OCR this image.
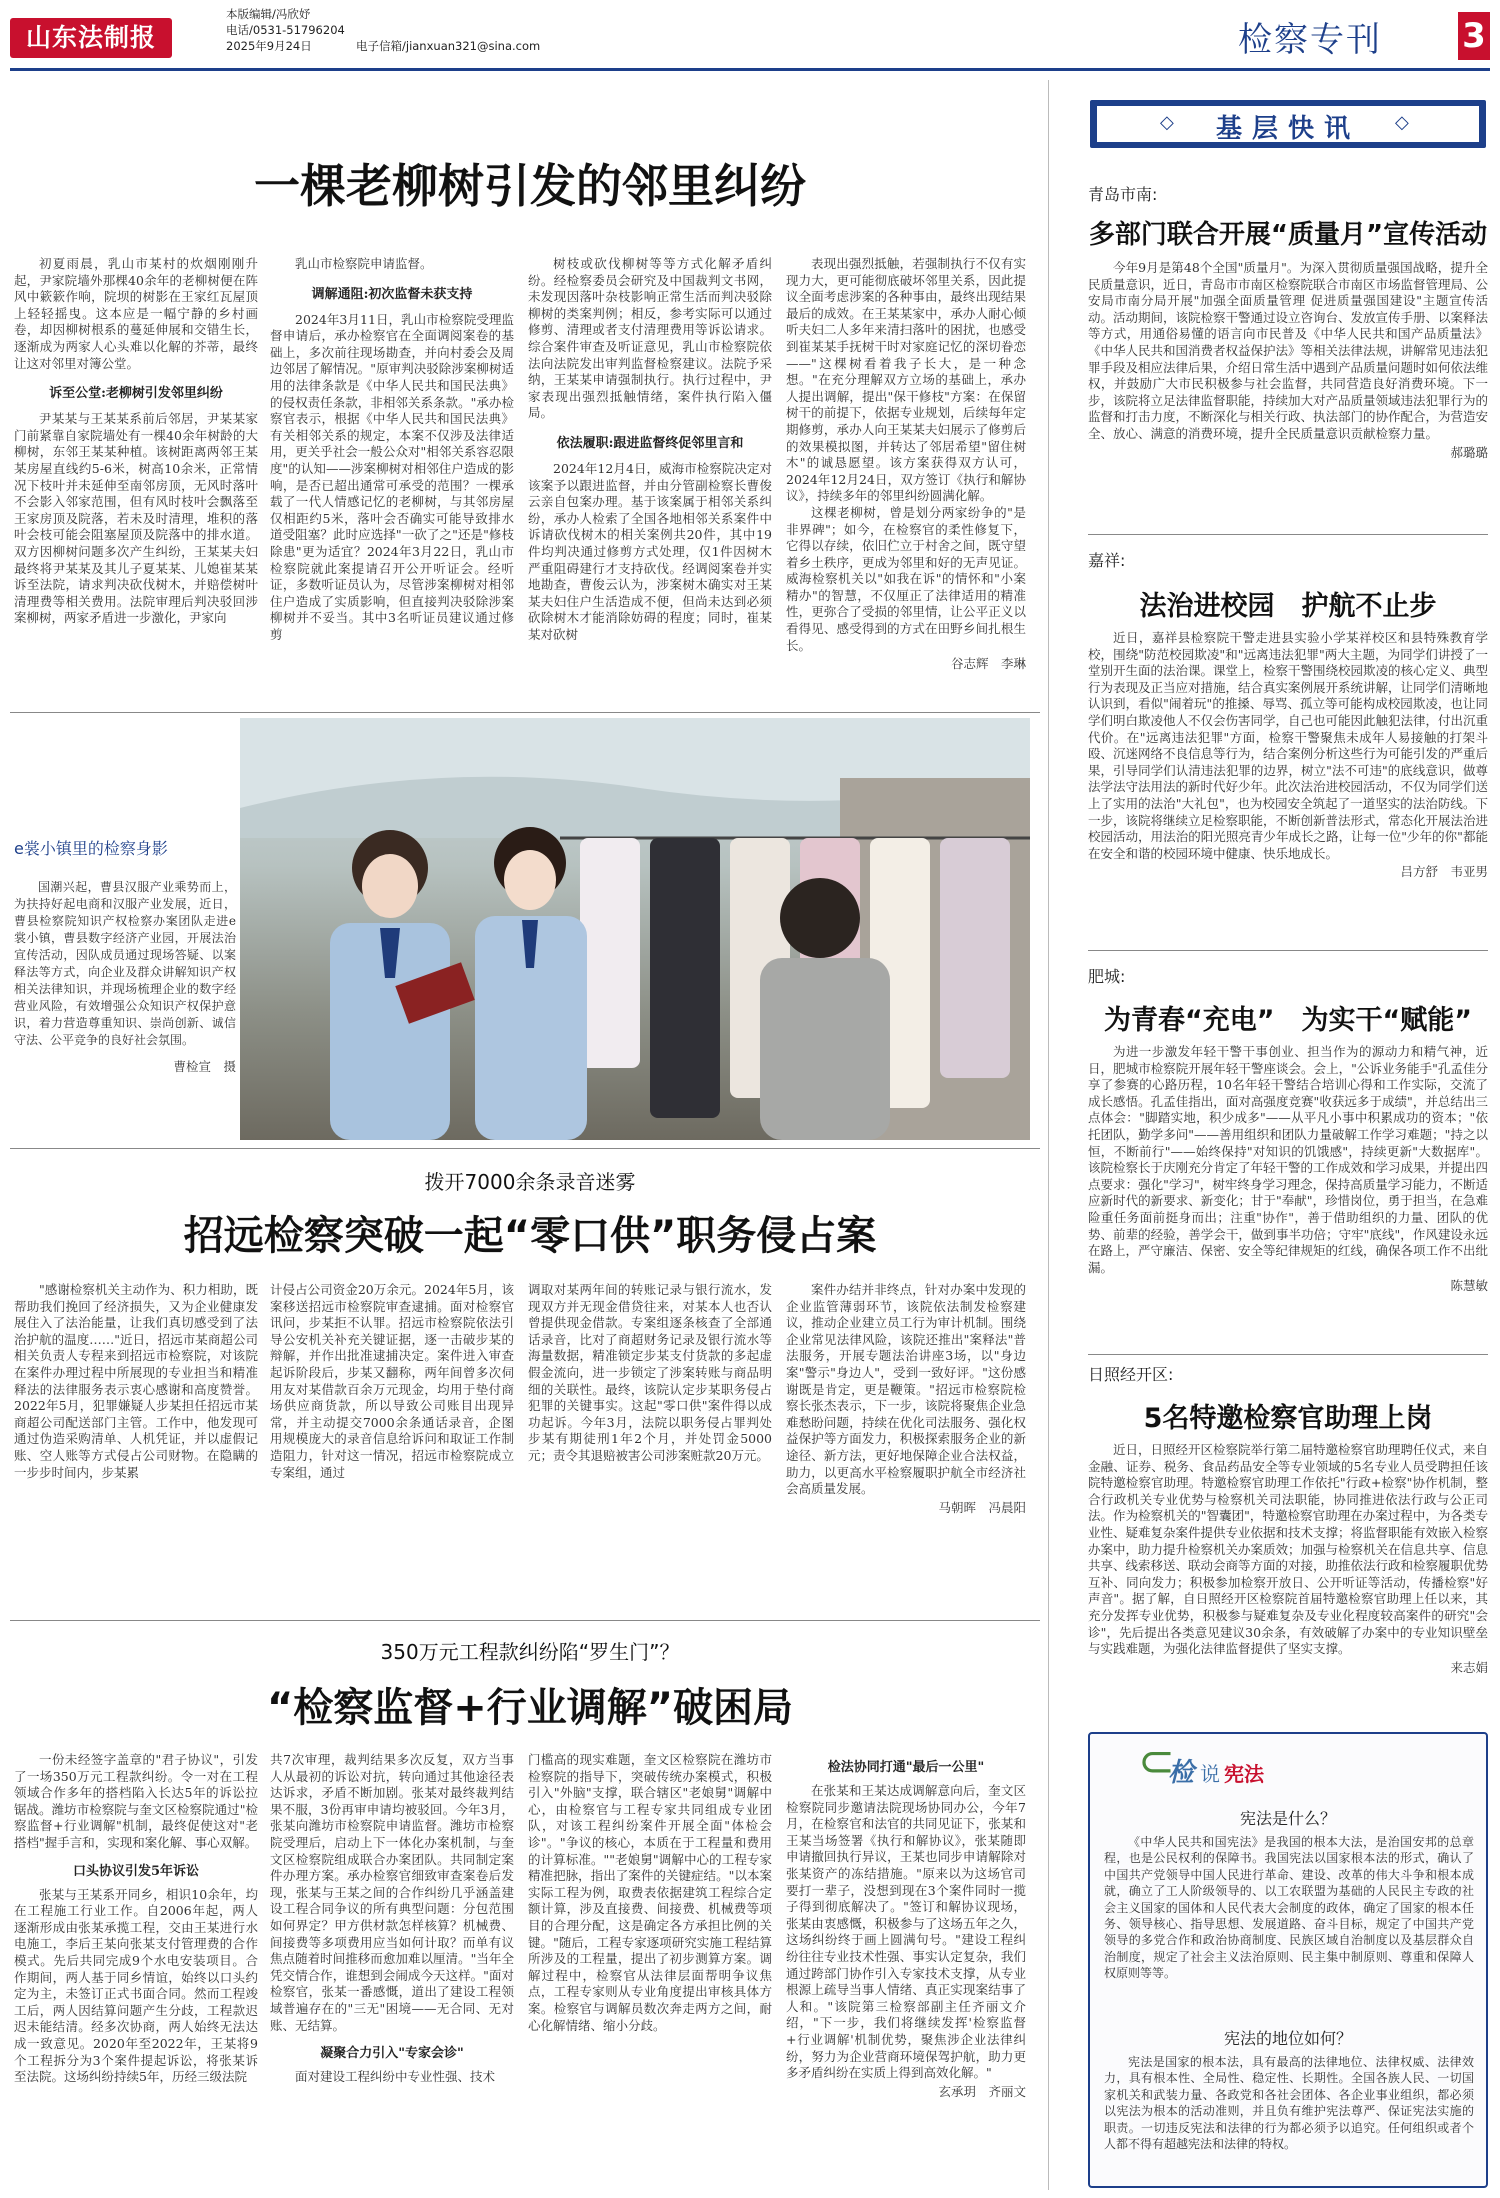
山东法制报
本版编辑/冯欣妤
电话/0531-51796204
2025年9月24日	电子信箱/jianxuan321@sina.com	检察专刊 3
一棵老柳树引发的邻里纠纷
初夏雨晨，乳山市某村的炊烟刚刚升起，尹家院墙外那棵40余年的老柳树便在阵风中簌簌作响，院坝的树影在王家红瓦屋顶上轻轻摇曳。这本应是一幅宁静的乡村画卷，却因柳树根系的蔓延伸展和交错生长，逐渐成为两家人心头难以化解的芥蒂，最终让这对邻里对簿公堂。
诉至公堂:老柳树引发邻里纠纷
尹某某与王某某系前后邻居，尹某某家门前紧靠自家院墙处有一棵40余年树龄的大柳树，东邻王某某种植。该树距离两邻王某某房屋直线约5-6米，树高10余米，正常情况下枝叶并未延伸至南邻房顶，无风时落叶不会影入邻家范围，但有风时枝叶会飘落至王家房顶及院落，若未及时清理，堆积的落叶会枝可能会阻塞屋顶及院落中的排水道。双方因柳树问题多次产生纠纷，王某某夫妇最终将尹某某及其儿子夏某某、儿媳崔某某诉至法院，请求判决砍伐树木，并赔偿树叶清理费等相关费用。法院审理后判决驳回涉案柳树，两家矛盾进一步激化，尹家向
乳山市检察院申请监督。
调解通阻:初次监督未获支持
2024年3月11日，乳山市检察院受理监督申请后，承办检察官在全面调阅案卷的基础上，多次前往现场勘查，并向村委会及周边邻居了解情况。"原审判决驳除涉案柳树适用的法律条款是《中华人民共和国民法典》的侵权责任条款，非相邻关系条款。"承办检察官表示，根据《中华人民共和国民法典》有关相邻关系的规定，本案不仅涉及法律适用，更关乎社会一般公众对"相邻关系容忍限度"的认知——涉案柳树对相邻住户造成的影响，是否已超出通常可承受的范围？一棵承载了一代人情感记忆的老柳树，与其邻房屋仅相距约5米，落叶会否确实可能导致排水道受阻塞？此时应选择"一砍了之"还是"修枝除患"更为适宜？2024年3月22日，乳山市检察院就此案提请召开公开听证会。经听证，多数听证员认为，尽管涉案柳树对相邻住户造成了实质影响，但直接判决驳除涉案柳树并不妥当。其中3名听证员建议通过修剪
树枝或砍伐柳树等等方式化解矛盾纠纷。经检察委员会研究及中国裁判文书网，未发现因落叶杂枝影响正常生活而判决驳除柳树的类案判例；相反，参考实际可以通过修剪、清理或者支付清理费用等诉讼请求。综合案件审查及听证意见，乳山市检察院依法向法院发出审判监督检察建议。法院予采纳，王某某申请强制执行。执行过程中，尹家表现出强烈抵触情绪，案件执行陷入僵局。
依法履职:跟进监督终促邻里言和
2024年12月4日，威海市检察院决定对该案予以跟进监督，并由分管副检察长曹俊云亲自包案办理。基于该案属于相邻关系纠纷，承办人检索了全国各地相邻关系案件中诉请砍伐树木的相关案例共20件，其中19件均判决通过修剪方式处理，仅1件因树木严重阻碍建行才支持砍伐。经调阅案卷并实地勘查，曹俊云认为，涉案树木确实对王某某夫妇住户生活造成不便，但尚未达到必须砍除树木才能消除妨碍的程度；同时，崔某某对砍树
表现出强烈抵触，若强制执行不仅有实现力大，更可能彻底破坏邻里关系，因此提议全面考虑涉案的各种事由，最终出现结果最后的成效。在王某某家中，承办人耐心倾听夫妇二人多年来清扫落叶的困扰，也感受到崔某某手抚树干时对家庭记忆的深切眷恋——"这棵树看着我子长大，是一种念想。"在充分理解双方立场的基础上，承办人提出调解，提出"保干修枝"方案：在保留树干的前提下，依据专业规划，后续每年定期修剪，承办人向王某某夫妇展示了修剪后的效果模拟图，并转达了邻居希望"留住树木"的诚恳愿望。该方案获得双方认可，2024年12月24日，双方签订《执行和解协议》，持续多年的邻里纠纷圆满化解。
这棵老柳树，曾是划分两家纷争的"是非界碑"；如今，在检察官的柔性修复下，它得以存续，依旧伫立于村舍之间，既守望着乡土秩序，更成为邻里和好的无声见证。威海检察机关以"如我在诉"的情怀和"小案精办"的智慧，不仅厘正了法律适用的精准性，更弥合了受损的邻里情，让公平正义以看得见、感受得到的方式在田野乡间扎根生长。
谷志辉　李琳
e裳小镇里的检察身影
国潮兴起，曹县汉服产业乘势而上，为扶持好起电商和汉服产业发展，近日，曹县检察院知识产权检察办案团队走进e裳小镇，曹县数字经济产业园，开展法治宣传活动，因队成员通过现场答疑、以案释法等方式，向企业及群众讲解知识产权相关法律知识，并现场梳理企业的数字经营业风险，有效增强公众知识产权保护意识，着力营造尊重知识、崇尚创新、诚信守法、公平竞争的良好社会氛围。
曹检宣　摄
拨开7000余条录音迷雾
招远检察突破一起“零口供”职务侵占案
"感谢检察机关主动作为、积力相助，既帮助我们挽回了经济损失，又为企业健康发展住入了法治能量，让我们真切感受到了法治护航的温度……"近日，招远市某商超公司相关负责人专程来到招远市检察院，对该院在案件办理过程中所展现的专业担当和精准释法的法律服务表示衷心感谢和高度赞誉。2022年5月，犯罪嫌疑人步某担任招远市某商超公司配送部门主管。工作中，他发现可通过伪造采购清单、人机凭证，并以虚假记账、空人账等方式侵占公司财物。在隐瞒的一步步时间内，步某累
计侵占公司资金20万余元。2024年5月，该案移送招远市检察院审查逮捕。面对检察官讯问，步某拒不认罪。招远市检察院依法引导公安机关补充关键证据，逐一击破步某的辩解，并作出批准逮捕决定。案件进入审查起诉阶段后，步某又翻称，两年间曾多次伺用友对某借款百余万元现金，均用于垫付商场供应商货款，所以导致公司账目出现异常，并主动提交7000余条通话录音，企图用规模庞大的录音信息给诉问和取证工作制造阻力，针对这一情况，招远市检察院成立专案组，通过
调取对某两年间的转账记录与银行流水，发现双方并无现金借贷往来，对某本人也否认曾提供现金借款。专案组逐条核查了全部通话录音，比对了商超财务记录及银行流水等海量数据，精准锁定步某支付货款的多起虚假金流向，进一步锁定了涉案转账与商品明细的关联性。最终，该院认定步某职务侵占犯罪的关键事实。这起"零口供"案件得以成功起诉。今年3月，法院以职务侵占罪判处步某有期徒刑1年2个月，并处罚金5000元；责令其退赔被害公司涉案赃款20万元。
案件办结并非终点，针对办案中发现的企业监管薄弱环节，该院依法制发检察建议，推动企业建立员工行为审计机制。围绕企业常见法律风险，该院还推出"案释法"普法服务，开展专题法治讲座3场，以"身边案"警示"身边人"，受到一致好评。"这份感谢既是肯定，更是鞭策。"招远市检察院检察长张杰表示，下一步，该院将聚焦企业急难愁盼问题，持续在优化司法服务、强化权益保护等方面发力，积极探索服务企业的新途径、新方法，更好地保障企业合法权益，助力，以更高水平检察履职护航全市经济社会高质量发展。
马朝晖　冯晨阳
350万元工程款纠纷陷“罗生门”？
“检察监督+行业调解”破困局
一份未经签字盖章的"君子协议"，引发了一场350万元工程款纠纷。令一对在工程领域合作多年的搭档陷入长达5年的诉讼拉锯战。潍坊市检察院与奎文区检察院通过"检察监督+行业调解"机制，最终促使这对"老搭档"握手言和，实现和案化解、事心双解。
口头协议引发5年诉讼
张某与王某系开同乡，相识10余年，均在工程施工行业工作。自2006年起，两人逐渐形成由张某承揽工程，交由王某进行水电施工，李后王某向张某支付管理费的合作模式。先后共同完成9个水电安装项目。合作期间，两人基于同乡情谊，始终以口头约定为主，未签订正式书面合同。然而工程竣工后，两人因结算问题产生分歧，工程款迟迟未能结清。经多次协商，两人始终无法达成一致意见。2020年至2022年，王某将9个工程拆分为3个案件提起诉讼，将张某诉至法院。这场纠纷持续5年，历经三级法院
共7次审理，裁判结果多次反复，双方当事人从最初的诉讼对抗，转向通过其他途径表达诉求，矛盾不断加剧。张某对最终裁判结果不服，3份再审申请均被驳回。今年3月，张某向潍坊市检察院申请监督。潍坊市检察院受理后，启动上下一体化办案机制，与奎文区检察院组成联合办案团队。共同制定案件办理方案。承办检察官细致审查案卷后发现，张某与王某之间的合作纠纷几乎涵盖建设工程合同争议的所有典型问题：分包范围如何界定？甲方供材款怎样核算？机械费、间接费等多项费用应当如何计取？而单有议焦点随着时间推移而愈加难以厘清。"当年全凭交情合作，谁想到会闹成今天这样。"面对检察官，张某一番感慨，道出了建设工程领域普遍存在的"三无"困境——无合同、无对账、无结算。
凝聚合力引入"专家会诊"
面对建设工程纠纷中专业性强、技术
门槛高的现实难题，奎文区检察院在潍坊市检察院的指导下，突破传统办案模式，积极引入"外脑"支撑，联合辖区"老娘舅"调解中心，由检察官与工程专家共同组成专业团队，对该工程纠纷案件开展全面"体检会诊"。"争议的核心，本质在于工程量和费用的计算标准。""老娘舅"调解中心的工程专家精准把脉，指出了案件的关键症结。"以本案实际工程为例，取费表依据建筑工程综合定额计算，涉及直接费、间接费、机械费等项目的合理分配，这是确定各方承担比例的关键。"随后，工程专家逐项研究实施工程结算所涉及的工程量，提出了初步测算方案。调解过程中，检察官从法律层面帮明争议焦点，工程专家则从专业角度提出审核具体方案。检察官与调解员数次奔走两方之间，耐心化解情绪、缩小分歧。
检法协同打通"最后一公里"
在张某和王某达成调解意向后，奎文区检察院同步邀请法院现场协同办公，今年7月，在检察官和法官的共同见证下，张某和王某当场签署《执行和解协议》，张某随即申请撤回执行异议，王某也同步申请解除对张某资产的冻结措施。"原来以为这场官司要打一辈子，没想到现在3个案件同时一揽子得到彻底解决了。"签订和解协议现场，张某由衷感慨，积极参与了这场五年之久，这场纠纷终于画上圆满句号。"建设工程纠纷往往专业技术性强、事实认定复杂，我们通过跨部门协作引入专家技术支撑，从专业根源上疏导当事人情绪、真正实现案结事了人和。"该院第三检察部副主任齐丽文介绍，"下一步，我们将继续发挥'检察监督+行业调解'机制优势，聚焦涉企业法律纠纷，努力为企业营商环境保驾护航，助力更多矛盾纠纷在实质上得到高效化解。"
玄承玥　齐丽文
◇	基层快讯	◇
青岛市南:
多部门联合开展“质量月”宣传活动
今年9月是第48个全国"质量月"。为深入贯彻质量强国战略，提升全民质量意识，近日，青岛市市南区检察院联合市南区市场监督管理局、公安局市南分局开展"加强全面质量管理 促进质量强国建设"主题宣传活动。活动期间，该院检察干警通过设立咨询台、发放宣传手册、以案释法等方式，用通俗易懂的语言向市民普及《中华人民共和国产品质量法》《中华人民共和国消费者权益保护法》等相关法律法规，讲解常见违法犯罪手段及相应法律后果，介绍日常生活中遇到产品质量问题时如何依法维权，并鼓励广大市民积极参与社会监督，共同营造良好消费环境。下一步，该院将立足法律监督职能，持续加大对产品质量领域违法犯罪行为的监督和打击力度，不断深化与相关行政、执法部门的协作配合，为营造安全、放心、满意的消费环境，提升全民质量意识贡献检察力量。
郝璐璐
嘉祥:
法治进校园　护航不止步
近日，嘉祥县检察院干警走进县实验小学某祥校区和县特殊教育学校，围绕"防范校园欺凌"和"远离违法犯罪"两大主题，为同学们讲授了一堂别开生面的法治课。课堂上，检察干警围绕校园欺凌的核心定义、典型行为表现及正当应对措施，结合真实案例展开系统讲解，让同学们清晰地认识到，看似"闹着玩"的推搡、辱骂、孤立等可能构成校园欺凌，也让同学们明白欺凌他人不仅会伤害同学，自己也可能因此触犯法律，付出沉重代价。在"远离违法犯罪"方面，检察干警聚焦未成年人易接触的打架斗殴、沉迷网络不良信息等行为，结合案例分析这些行为可能引发的严重后果，引导同学们认清违法犯罪的边界，树立"法不可违"的底线意识，做尊法学法守法用法的新时代好少年。此次法治进校园活动，不仅为同学们送上了实用的法治"大礼包"，也为校园安全筑起了一道坚实的法治防线。下一步，该院将继续立足检察职能，不断创新普法形式，常态化开展法治进校园活动，用法治的阳光照亮青少年成长之路，让每一位"少年的你"都能在安全和谐的校园环境中健康、快乐地成长。
吕方舒　韦亚男
肥城:
为青春“充电”　为实干“赋能”
为进一步激发年轻干警干事创业、担当作为的源动力和精气神，近日，肥城市检察院开展年轻干警座谈会。会上，"公诉业务能手"孔孟佳分享了参赛的心路历程，10名年轻干警结合培训心得和工作实际，交流了成长感悟。孔孟佳指出，面对高强度竞赛"收获远多于成绩"，并总结出三点体会："脚踏实地，积少成多"——从平凡小事中积累成功的资本；"依托团队，勤学多问"——善用组织和团队力量破解工作学习难题；"持之以恒，不断前行"——始终保持"对知识的饥饿感"，持续更新"大数据库"。该院检察长于庆刚充分肯定了年轻干警的工作成效和学习成果，并提出四点要求：强化"学习"，树牢终身学习理念，保持高质量学习能力，不断适应新时代的新要求、新变化；甘于"奉献"，珍惜岗位，勇于担当，在急难险重任务面前挺身而出；注重"协作"，善于借助组织的力量、团队的优势、前辈的经验，善学会干，做到事半功倍；守牢"底线"，作风建设永远在路上，严守廉洁、保密、安全等纪律规矩的红线，确保各项工作不出纰漏。
陈慧敏
日照经开区:
5名特邀检察官助理上岗
近日，日照经开区检察院举行第二届特邀检察官助理聘任仪式，来自金融、证券、税务、食品药品安全等专业领域的5名专业人员受聘担任该院特邀检察官助理。特邀检察官助理工作依托"行政+检察"协作机制，整合行政机关专业优势与检察机关司法职能，协同推进依法行政与公正司法。作为检察机关的"智囊团"，特邀检察官助理在办案过程中，为各类专业性、疑难复杂案件提供专业依据和技术支撑；将监督职能有效嵌入检察办案中，助力提升检察机关办案质效；加强与检察机关在信息共享、信息共享、线索移送、联动会商等方面的对接，助推依法行政和检察履职优势互补、同向发力；积极参加检察开放日、公开听证等活动，传播检察"好声音"。据了解，自日照经开区检察院首届特邀检察官助理上任以来，其充分发挥专业优势，积极参与疑难复杂及专业化程度较高案件的研究"会诊"，先后提出各类意见建议30余条，有效破解了办案中的专业知识壁垒与实践难题，为强化法律监督提供了坚实支撑。
来志娟
⊂
检 说 宪法
宪法是什么？
《中华人民共和国宪法》是我国的根本大法，是治国安邦的总章程，也是公民权利的保障书。我国宪法以国家根本法的形式，确认了中国共产党领导中国人民进行革命、建设、改革的伟大斗争和根本成就，确立了工人阶级领导的、以工农联盟为基础的人民民主专政的社会主义国家的国体和人民代表大会制度的政体，确定了国家的根本任务、领导核心、指导思想、发展道路、奋斗目标，规定了中国共产党领导的多党合作和政治协商制度、民族区域自治制度以及基层群众自治制度，规定了社会主义法治原则、民主集中制原则、尊重和保障人权原则等等。
宪法的地位如何？
宪法是国家的根本法，具有最高的法律地位、法律权威、法律效力，具有根本性、全局性、稳定性、长期性。全国各族人民、一切国家机关和武装力量、各政党和各社会团体、各企业事业组织，都必须以宪法为根本的活动准则，并且负有维护宪法尊严、保证宪法实施的职责。一切违反宪法和法律的行为都必须予以追究。任何组织或者个人都不得有超越宪法和法律的特权。
